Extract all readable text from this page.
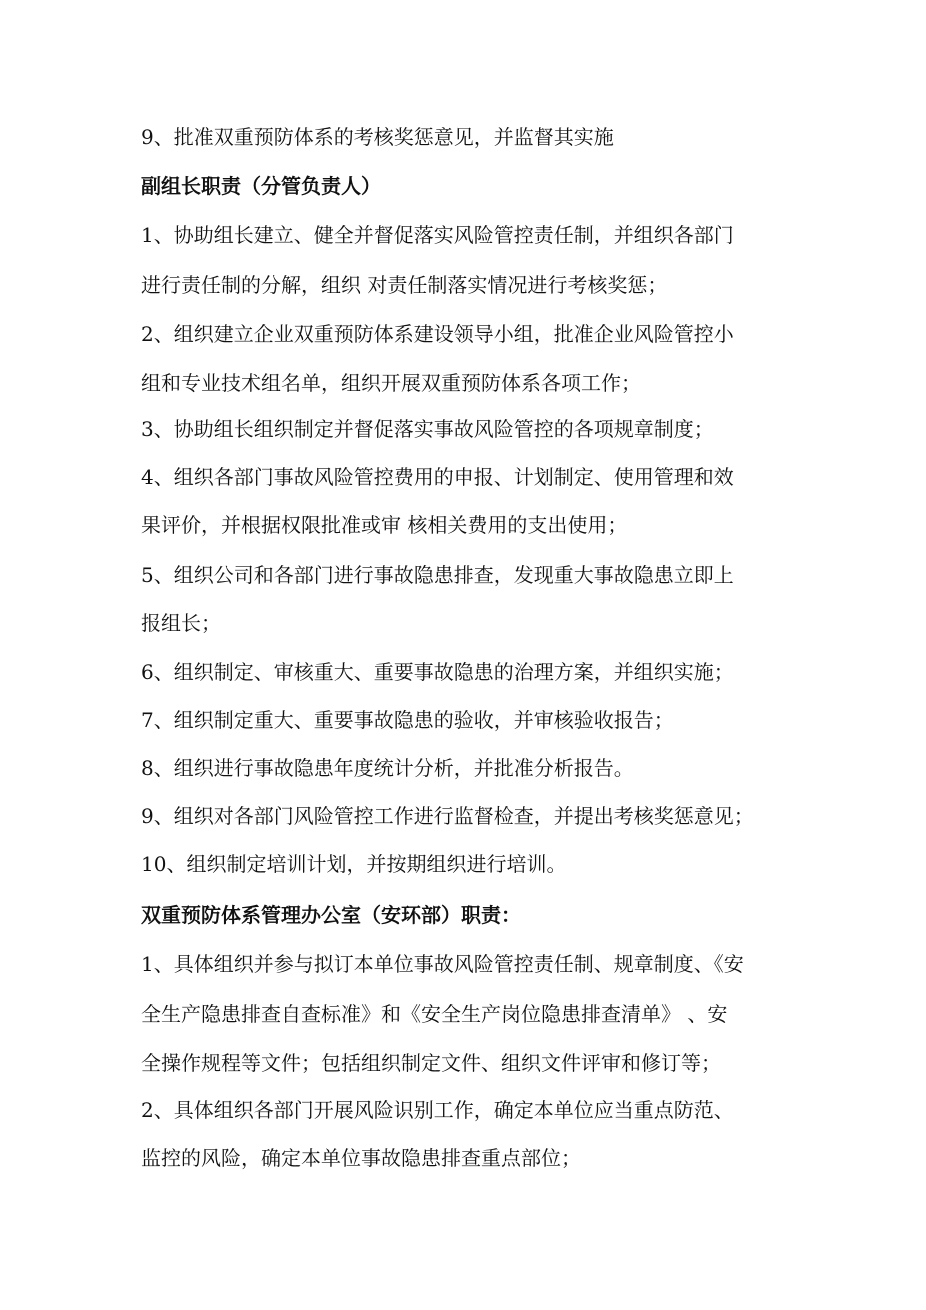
9、批准双重预防体系的考核奖惩意见，并监督其实施
副组长职责（分管负责人）
1、协助组长建立、健全并督促落实风险管控责任制，并组织各部门
进行责任制的分解，组织 对责任制落实情况进行考核奖惩；
2、组织建立企业双重预防体系建设领导小组，批准企业风险管控小
组和专业技术组名单，组织开展双重预防体系各项工作；
3、协助组长组织制定并督促落实事故风险管控的各项规章制度；
4、组织各部门事故风险管控费用的申报、计划制定、使用管理和效
果评价，并根据权限批准或审 核相关费用的支出使用；
5、组织公司和各部门进行事故隐患排查，发现重大事故隐患立即上
报组长；
6、组织制定、审核重大、重要事故隐患的治理方案，并组织实施；
7、组织制定重大、重要事故隐患的验收，并审核验收报告；
8、组织进行事故隐患年度统计分析，并批准分析报告。
9、组织对各部门风险管控工作进行监督检查，并提出考核奖惩意见；
10、组织制定培训计划，并按期组织进行培训。
双重预防体系管理办公室（安环部）职责：
1、具体组织并参与拟订本单位事故风险管控责任制、规章制度、《安
全生产隐患排查自查标准》和《安全生产岗位隐患排查清单》 、安
全操作规程等文件；包括组织制定文件、组织文件评审和修订等；
2、具体组织各部门开展风险识别工作，确定本单位应当重点防范、
监控的风险，确定本单位事故隐患排查重点部位；
